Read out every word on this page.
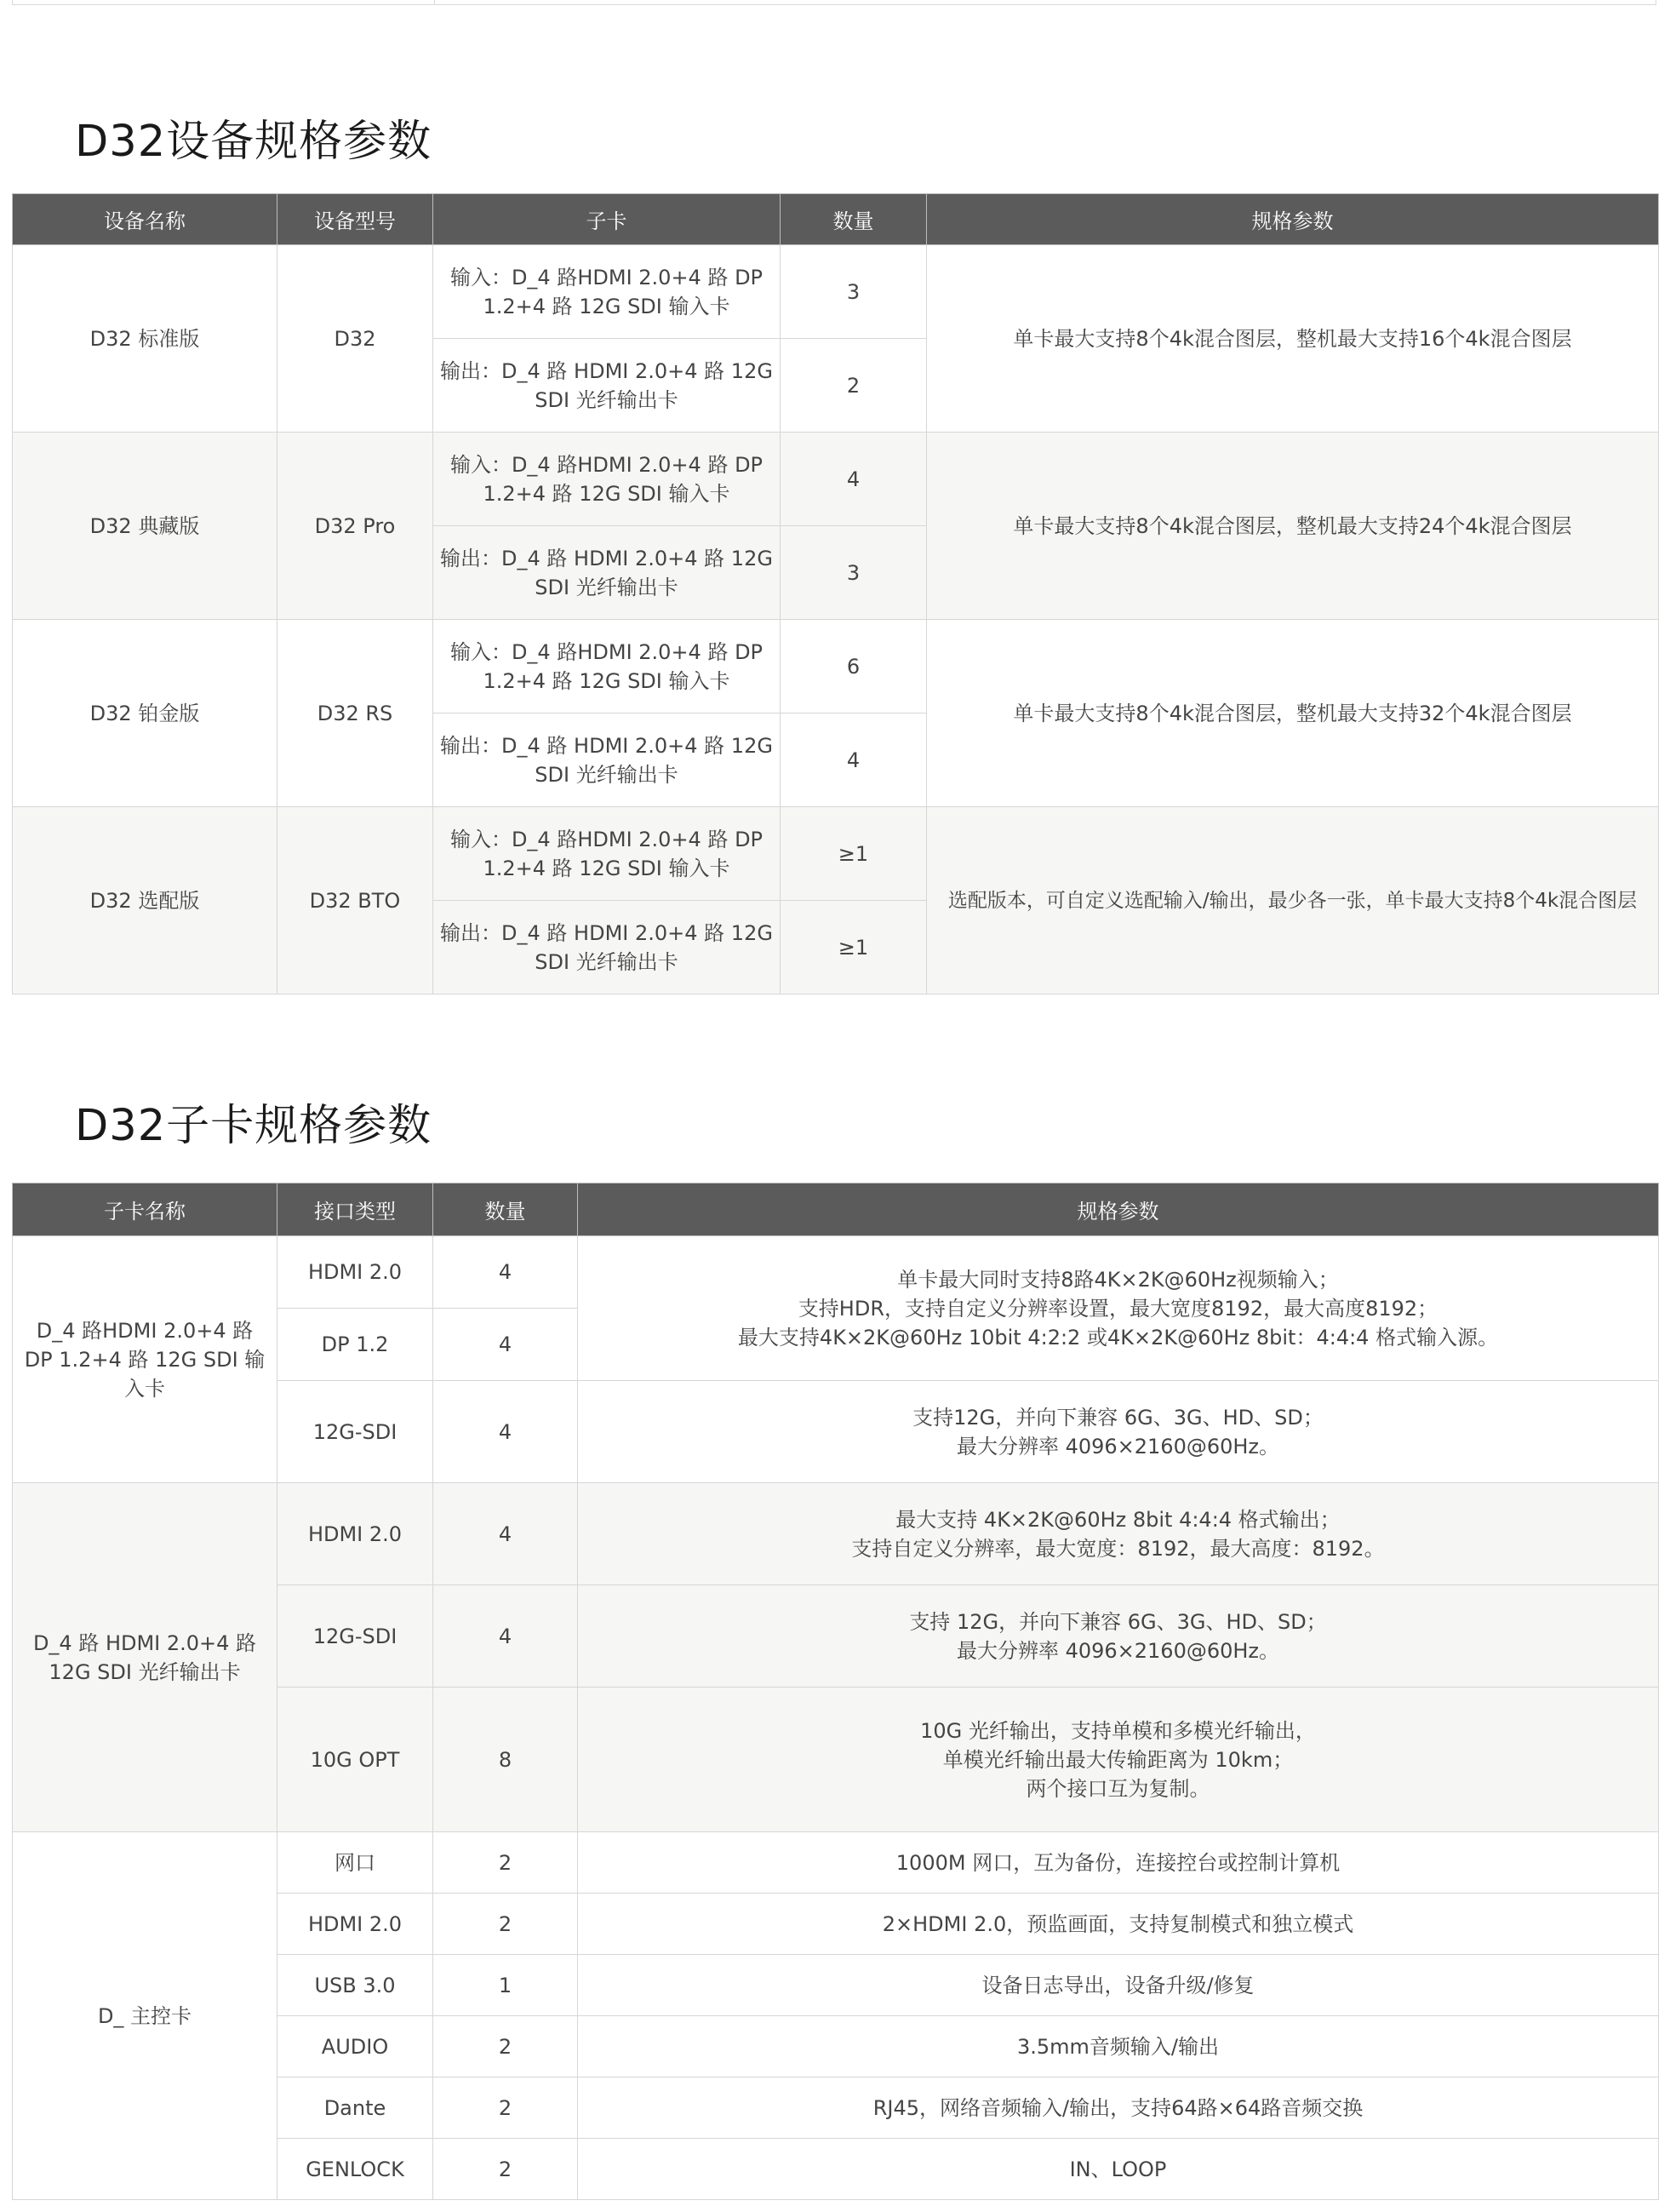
D32设备规格参数
设备名称	设备型号	子卡	数量	规格参数
D32 标准版	D32	输入：D_4 路HDMI 2.0+4 路 DP 1.2+4 路 12G SDI 输入卡	3	单卡最大支持8个4k混合图层，整机最大支持16个4k混合图层
		输出：D_4 路 HDMI 2.0+4 路 12G SDI 光纤输出卡	2	
D32 典藏版	D32 Pro	输入：D_4 路HDMI 2.0+4 路 DP 1.2+4 路 12G SDI 输入卡	4	单卡最大支持8个4k混合图层，整机最大支持24个4k混合图层
		输出：D_4 路 HDMI 2.0+4 路 12G SDI 光纤输出卡	3	
D32 铂金版	D32 RS	输入：D_4 路HDMI 2.0+4 路 DP 1.2+4 路 12G SDI 输入卡	6	单卡最大支持8个4k混合图层，整机最大支持32个4k混合图层
		输出：D_4 路 HDMI 2.0+4 路 12G SDI 光纤输出卡	4	
D32 选配版	D32 BTO	输入：D_4 路HDMI 2.0+4 路 DP 1.2+4 路 12G SDI 输入卡	≥1	选配版本，可自定义选配输入/输出，最少各一张，单卡最大支持8个4k混合图层
		输出：D_4 路 HDMI 2.0+4 路 12G SDI 光纤输出卡	≥1	
D32子卡规格参数
子卡名称	接口类型	数量	规格参数
D_4 路HDMI 2.0+4 路 DP 1.2+4 路 12G SDI 输入卡	HDMI 2.0	4	单卡最大同时支持8路4K×2K@60Hz视频输入；
支持HDR，支持自定义分辨率设置，最大宽度8192，最大高度8192；
最大支持4K×2K@60Hz 10bit 4:2:2 或4K×2K@60Hz 8bit：4:4:4 格式输入源。
	DP 1.2	4	
	12G-SDI	4	支持12G，并向下兼容 6G、3G、HD、SD；
最大分辨率 4096×2160@60Hz。
D_4 路 HDMI 2.0+4 路 12G SDI 光纤输出卡	HDMI 2.0	4	最大支持 4K×2K@60Hz 8bit 4:4:4 格式输出；
支持自定义分辨率，最大宽度：8192，最大高度：8192。
	12G-SDI	4	支持 12G，并向下兼容 6G、3G、HD、SD；
最大分辨率 4096×2160@60Hz。
	10G OPT	8	10G 光纤输出，支持单模和多模光纤输出，
单模光纤输出最大传输距离为 10km；
两个接口互为复制。
D_ 主控卡	网口	2	1000M 网口，互为备份，连接控台或控制计算机
	HDMI 2.0	2	2×HDMI 2.0，预监画面，支持复制模式和独立模式
	USB 3.0	1	设备日志导出，设备升级/修复
	AUDIO	2	3.5mm音频输入/输出
	Dante	2	RJ45，网络音频输入/输出，支持64路×64路音频交换
	GENLOCK	2	IN、LOOP
